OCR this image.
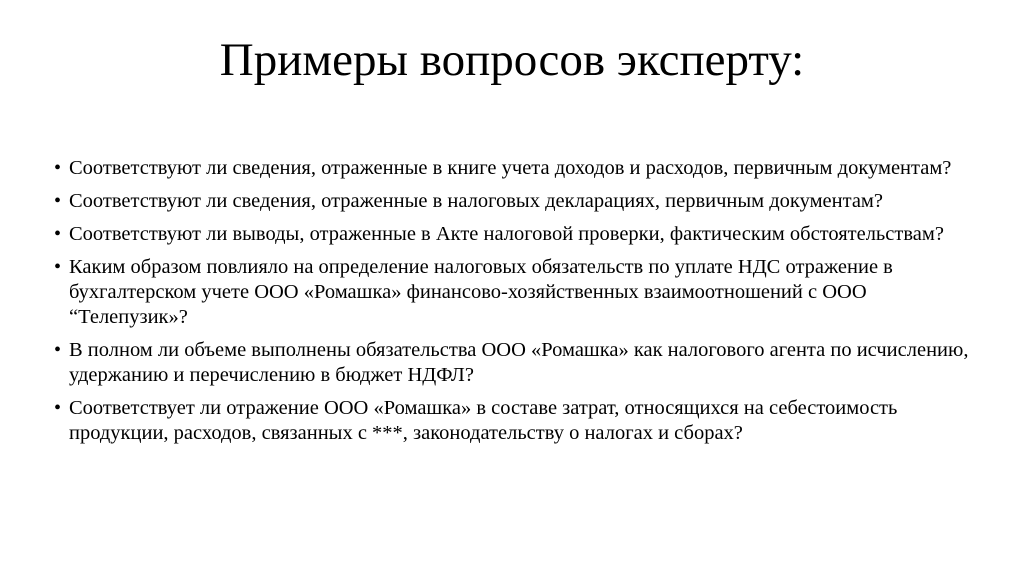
Примеры вопросов эксперту:
• Соответствуют ли сведения, отраженные в книге учета доходов и расходов, первичным документам?
• Соответствуют ли сведения, отраженные в налоговых декларациях, первичным документам?
• Соответствуют ли выводы, отраженные в Акте налоговой проверки, фактическим обстоятельствам?
• Каким образом повлияло на определение налоговых обязательств по уплате НДС отражение в бухгалтерском учете ООО «Ромашка» финансово-хозяйственных взаимоотношений с ООО “Телепузик»?
• В полном ли объеме выполнены обязательства ООО «Ромашка» как налогового агента по исчислению, удержанию и перечислению в бюджет НДФЛ?
• Соответствует ли отражение ООО «Ромашка» в составе затрат, относящихся на себестоимость продукции, расходов, связанных с ***, законодательству о налогах и сборах?
